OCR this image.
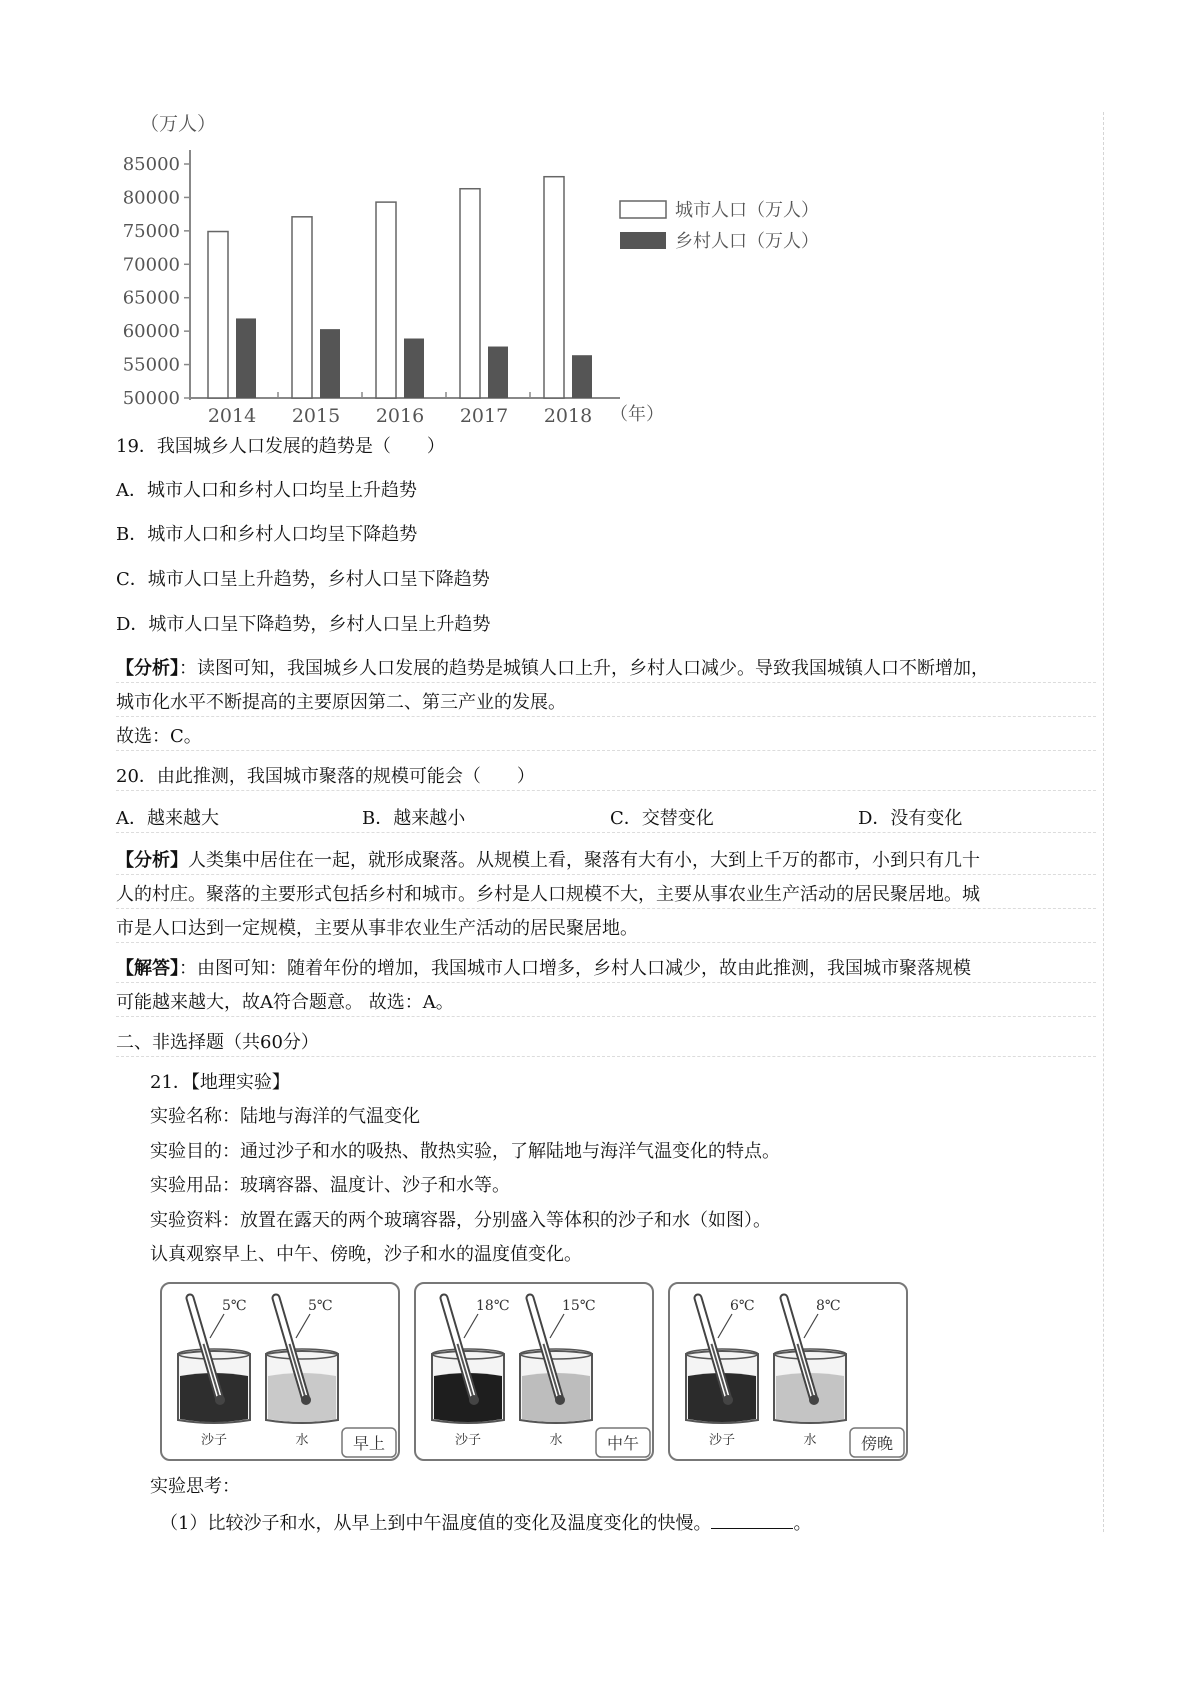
（万人）
85000
80000
75000
70000
65000
60000
55000
50000
2014 2015 2016 2017 2018 （年）
城市人口（万人）
乡村人口（万人）
19．我国城乡人口发展的趋势是（　　）
A．城市人口和乡村人口均呈上升趋势
B．城市人口和乡村人口均呈下降趋势
C．城市人口呈上升趋势，乡村人口呈下降趋势
D．城市人口呈下降趋势，乡村人口呈上升趋势
【分析】：读图可知，我国城乡人口发展的趋势是城镇人口上升，乡村人口减少。导致我国城镇人口不断增加，
城市化水平不断提高的主要原因第二、第三产业的发展。
故选：C。
20．由此推测，我国城市聚落的规模可能会（　　）
A．越来越大	B．越来越小	C．交替变化	D．没有变化
【分析】人类集中居住在一起，就形成聚落。从规模上看，聚落有大有小，大到上千万的都市，小到只有几十
人的村庄。聚落的主要形式包括乡村和城市。乡村是人口规模不大，主要从事农业生产活动的居民聚居地。城
市是人口达到一定规模，主要从事非农业生产活动的居民聚居地。
【解答】：由图可知：随着年份的增加，我国城市人口增多，乡村人口减少，故由此推测，我国城市聚落规模
可能越来越大，故A符合题意。 故选：A。
二、非选择题（共60分）
21．【地理实验】
实验名称：陆地与海洋的气温变化
实验目的：通过沙子和水的吸热、散热实验，了解陆地与海洋气温变化的特点。
实验用品：玻璃容器、温度计、沙子和水等。
实验资料：放置在露天的两个玻璃容器，分别盛入等体积的沙子和水（如图）。
认真观察早上、中午、傍晚，沙子和水的温度值变化。
5℃	5℃
沙子	水	早上
18℃	15℃
沙子	水	中午
6℃	8℃
沙子	水	傍晚
实验思考：
（1）比较沙子和水，从早上到中午温度值的变化及温度变化的快慢。	。
